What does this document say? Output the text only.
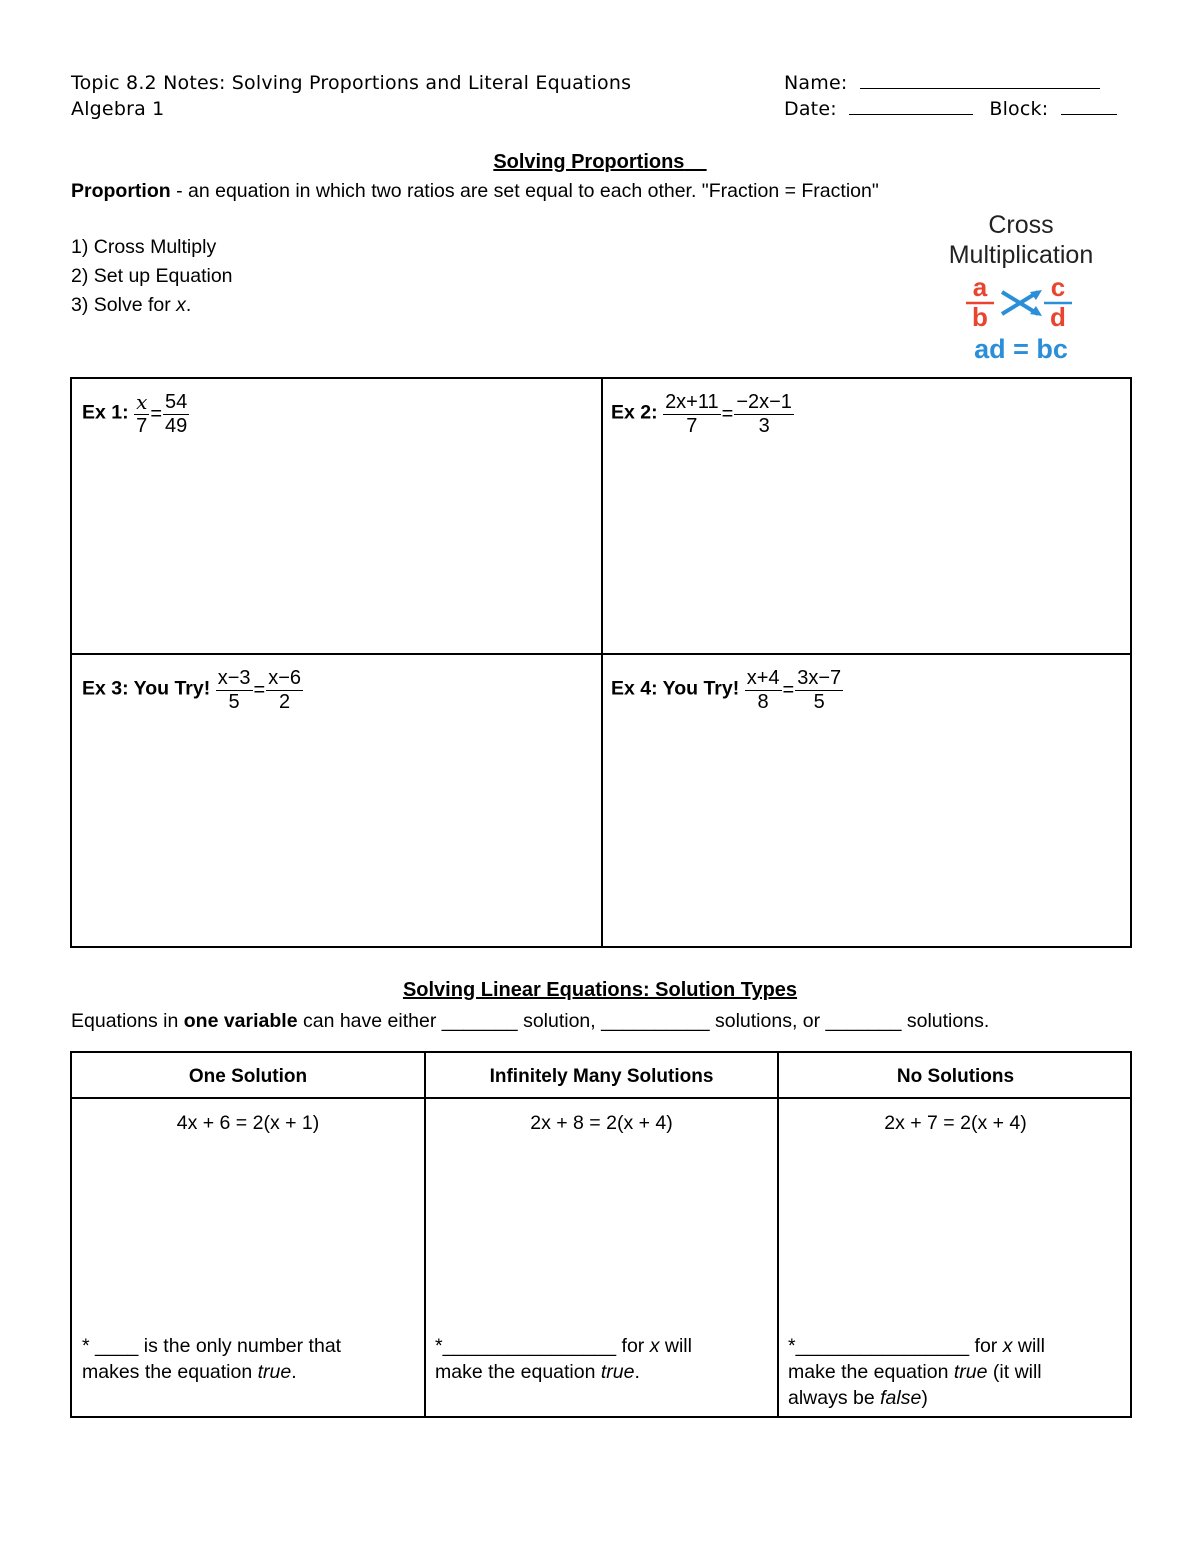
Topic 8.2 Notes: Solving Proportions and Literal Equations
Algebra 1
Name:
Date:	Block:
Solving Proportions
Proportion - an equation in which two ratios are set equal to each other. "Fraction = Fraction"
1) Cross Multiply
2) Set up Equation
3) Solve for x.
Cross
Multiplication
a
b
c
d
ad = bc
Ex 1: $\frac{x}{7} = \frac{54}{49}$	Ex 2: $\frac{2x+11}{7} = \frac{-2x-1}{3}$
Ex 3: You Try! $\frac{x-3}{5} = \frac{x-6}{2}$	Ex 4: You Try! $\frac{x+4}{8} = \frac{3x-7}{5}$
Solving Linear Equations: Solution Types
Equations in one variable can have either _______ solution, __________ solutions, or _______ solutions.
One Solution	Infinitely Many Solutions	No Solutions
4x + 6 = 2(x + 1)	2x + 8 = 2(x + 4)	2x + 7 = 2(x + 4)
* ____ is the only number that makes the equation true.
*________________ for x will make the equation true.
*________________ for x will make the equation true (it will always be false)
